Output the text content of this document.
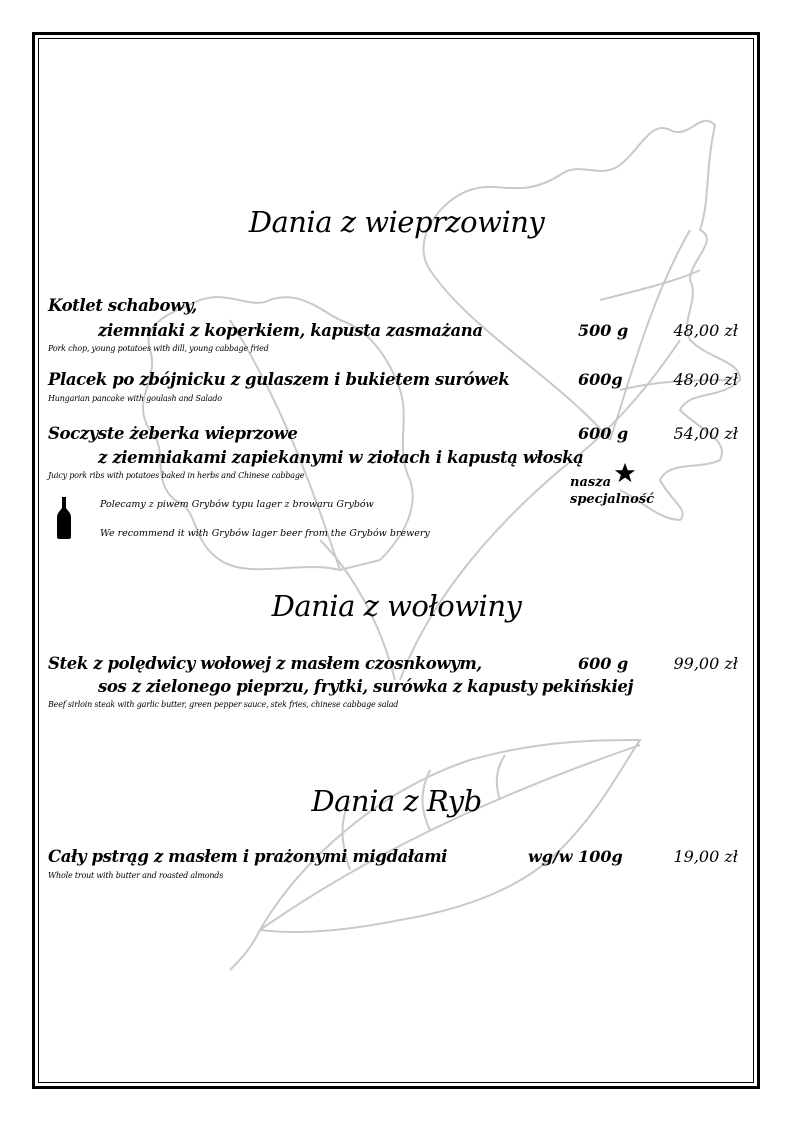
Dania z wieprzowiny
Kotlet schabowy,
ziemniaki z koperkiem, kapusta zasmażana	500 g	48,00 zł
Pork chop, young potatoes with dill, young cabbage fried
Placek po zbójnicku z gulaszem i bukietem surówek	600g	48,00 zł
Hungarian pancake with goulash and Salado
Soczyste żeberka wieprzowe	600 g	54,00 zł
z ziemniakami zapiekanymi w ziołach i kapustą włoską
Juicy pork ribs with potatoes baked in herbs and Chinese cabbage	nasza
specjalność
Polecamy z piwem Grybów typu lager z browaru Grybów
We recommend it with Grybów lager beer from the Grybów brewery
Dania z wołowiny
Stek z polędwicy wołowej z masłem czosnkowym,	600 g	99,00 zł
sos z zielonego pieprzu, frytki, surówka z kapusty pekińskiej
Beef sirloin steak with garlic butter, green pepper sauce, stek fries, chinese cabbage salad
Dania z Ryb
Cały pstrąg z masłem i prażonymi migdałami	wg/w 100g	19,00 zł
Whole trout with butter and roasted almonds
